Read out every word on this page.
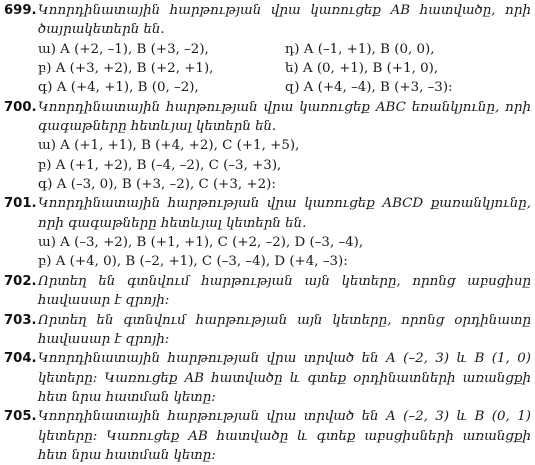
699. Կոորդինատային հարթության վրա կառուցեք AB հատվածը, որի ծայրակետերն են.
ա) A (+2, –1), B (+3, –2),	դ) A (–1, +1), B (0, 0),
բ) A (+3, +2), B (+2, +1),	ե) A (0, +1), B (+1, 0),
գ) A (+4, +1), B (0, –2),	զ) A (+4, –4), B (+3, –3):
700. Կոորդինատային հարթության վրա կառուցեք ABC եռանկյունը, որի գագաթները հետևյալ կետերն են.
ա) A (+1, +1), B (+4, +2), C (+1, +5),
բ) A (+1, +2), B (–4, –2), C (–3, +3),
գ) A (–3, 0), B (+3, –2), C (+3, +2):
701. Կոորդինատային հարթության վրա կառուցեք ABCD քառանկյունը, որի գագաթները հետևյալ կետերն են.
ա) A (–3, +2), B (+1, +1), C (+2, –2), D (–3, –4),
բ) A (+4, 0), B (–2, +1), C (–3, –4), D (+4, –3):
702. Որտեղ են գտնվում հարթության այն կետերը, որոնց աբսցիսը հավասար է զրոյի:
703. Որտեղ են գտնվում հարթության այն կետերը, որոնց օրդինատը հավասար է զրոյի:
704. Կոորդինատային հարթության վրա տրված են A (–2, 3) և B (1, 0) կետերը: Կառուցեք AB հատվածը և գտեք օրդինատների առանցքի հետ նրա հատման կետը:
705. Կոորդինատային հարթության վրա տրված են A (–2, 3) և B (0, 1) կետերը: Կառուցեք AB հատվածը և գտեք աբսցիսների առանցքի հետ նրա հատման կետը:
